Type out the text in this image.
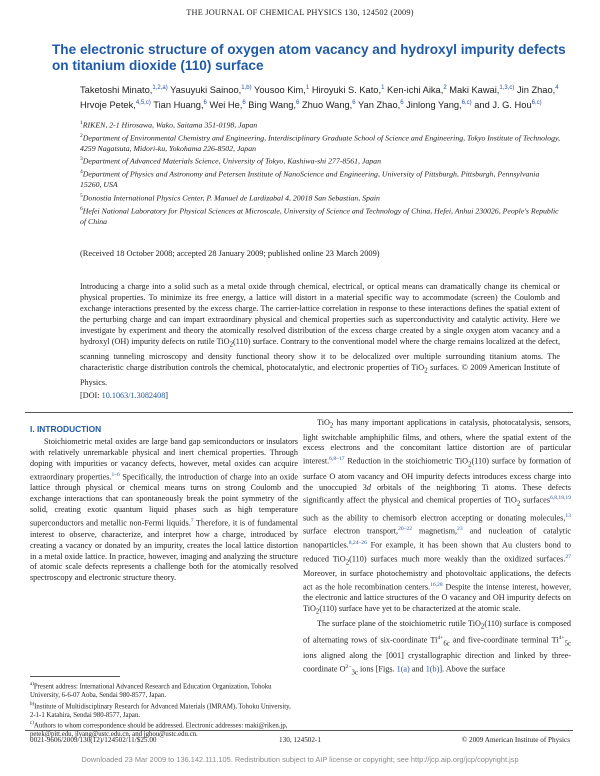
THE JOURNAL OF CHEMICAL PHYSICS 130, 124502 (2009)
The electronic structure of oxygen atom vacancy and hydroxyl impurity defects on titanium dioxide (110) surface
Taketoshi Minato,$^{1,2,a)}$ Yasuyuki Sainoo,$^{1,b)}$ Yousoo Kim,$^1$ Hiroyuki S. Kato,$^1$ Ken-ichi Aika,$^2$ Maki Kawai,$^{1,3,c)}$ Jin Zhao,$^4$ Hrvoje Petek,$^{4,5,c)}$ Tian Huang,$^6$ Wei He,$^6$ Bing Wang,$^6$ Zhuo Wang,$^6$ Yan Zhao,$^6$ Jinlong Yang,$^{6,c)}$ and J. G. Hou$^{6,c)}$
$^1$RIKEN, 2-1 Hirosawa, Wako, Saitama 351-0198, Japan
$^2$Department of Environmental Chemistry and Engineering, Interdisciplinary Graduate School of Science and Engineering, Tokyo Institute of Technology, 4259 Nagatsuta, Midori-ku, Yokohama 226-8502, Japan
$^3$Department of Advanced Materials Science, University of Tokyo, Kashiwa-shi 277-8561, Japan
$^4$Department of Physics and Astronomy and Petersen Institute of NanoScience and Engineering, University of Pittsburgh, Pittsburgh, Pennsylvania 15260, USA
$^5$Donostia International Physics Center, P. Manuel de Lardizabal 4, 20018 San Sebastian, Spain
$^6$Hefei National Laboratory for Physical Sciences at Microscale, University of Science and Technology of China, Hefei, Anhui 230026, People's Republic of China
(Received 18 October 2008; accepted 28 January 2009; published online 23 March 2009)
Introducing a charge into a solid such as a metal oxide through chemical, electrical, or optical means can dramatically change its chemical or physical properties. To minimize its free energy, a lattice will distort in a material specific way to accommodate (screen) the Coulomb and exchange interactions presented by the excess charge. The carrier-lattice correlation in response to these interactions defines the spatial extent of the perturbing charge and can impart extraordinary physical and chemical properties such as superconductivity and catalytic activity. Here we investigate by experiment and theory the atomically resolved distribution of the excess charge created by a single oxygen atom vacancy and a hydroxyl (OH) impurity defects on rutile TiO$_2$(110) surface. Contrary to the conventional model where the charge remains localized at the defect, scanning tunneling microscopy and density functional theory show it to be delocalized over multiple surrounding titanium atoms. The characteristic charge distribution controls the chemical, photocatalytic, and electronic properties of TiO$_2$ surfaces. © 2009 American Institute of Physics.
[DOI: 10.1063/1.3082408]
I. INTRODUCTION

Stoichiometric metal oxides are large band gap semiconductors or insulators with relatively unremarkable physical and inert chemical properties. Through doping with impurities or vacancy defects, however, metal oxides can acquire extraordinary properties.$^{1-6}$ Specifically, the introduction of charge into an oxide lattice through physical or chemical means turns on strong Coulomb and exchange interactions that can spontaneously break the point symmetry of the solid, creating exotic quantum liquid phases such as high temperature superconductors and metallic non-Fermi liquids.$^7$ Therefore, it is of fundamental interest to observe, characterize, and interpret how a charge, introduced by creating a vacancy or donated by an impurity, creates the local lattice distortion in a metal oxide lattice. In practice, however, imaging and analyzing the structure of atomic scale defects represents a challenge both for the atomically resolved spectroscopy and electronic structure theory.

$^{a)}$Present address: International Advanced Research and Education Organization, Tohoku University, 6-6-07 Aoba, Sendai 980-8577, Japan.
$^{b)}$Institute of Multidisciplinary Research for Advanced Materials (IMRAM), Tohoku University, 2-1-1 Katahira, Sendai 980-8577, Japan.
$^{c)}$Authors to whom correspondence should be addressed. Electronic addresses: maki@riken.jp, petek@pitt.edu, jlyang@ustc.edu.cn, and jghou@ustc.edu.cn.

TiO$_2$ has many important applications in catalysis, photocatalysis, sensors, light switchable amphiphilic films, and others, where the spatial extent of the excess electrons and the concomitant lattice distortion are of particular interest.$^{6,8-17}$ Reduction in the stoichiometric TiO$_2$(110) surface by formation of surface O atom vacancy and OH impurity defects introduces excess charge into the unoccupied 3d orbitals of the neighboring Ti atoms. These defects significantly affect the physical and chemical properties of TiO$_2$ surfaces$^{6,8,18,19}$ such as the ability to chemisorb electron accepting or donating molecules,$^{13}$ surface electron transport,$^{20-22}$ magnetism,$^{23}$ and nucleation of catalytic nanoparticles.$^{8,24-26}$ For example, it has been shown that Au clusters bond to reduced TiO$_2$(110) surfaces much more weakly than the oxidized surfaces.$^{27}$ Moreover, in surface photochemistry and photovoltaic applications, the defects act as the hole recombination centers.$^{16,28}$ Despite the intense interest, however, the electronic and lattice structures of the O vacancy and OH impurity defects on TiO$_2$(110) surface have yet to be characterized at the atomic scale.

The surface plane of the stoichiometric rutile TiO$_2$(110) surface is composed of alternating rows of six-coordinate $Ti^{4+}_{6c}$ and five-coordinate terminal $Ti^{4+}_{5c}$ ions aligned along the [001] crystallographic direction and linked by three-coordinate $O^{2-}_{3c}$ ions [Figs. 1(a) and 1(b)]. Above the surface

0021-9606/2009/130(12)/124502/11/$25.00	130, 124502-1	© 2009 American Institute of Physics
Downloaded 23 Mar 2009 to 136.142.111.105. Redistribution subject to AIP license or copyright; see http://jcp.aip.org/jcp/copyright.jsp
